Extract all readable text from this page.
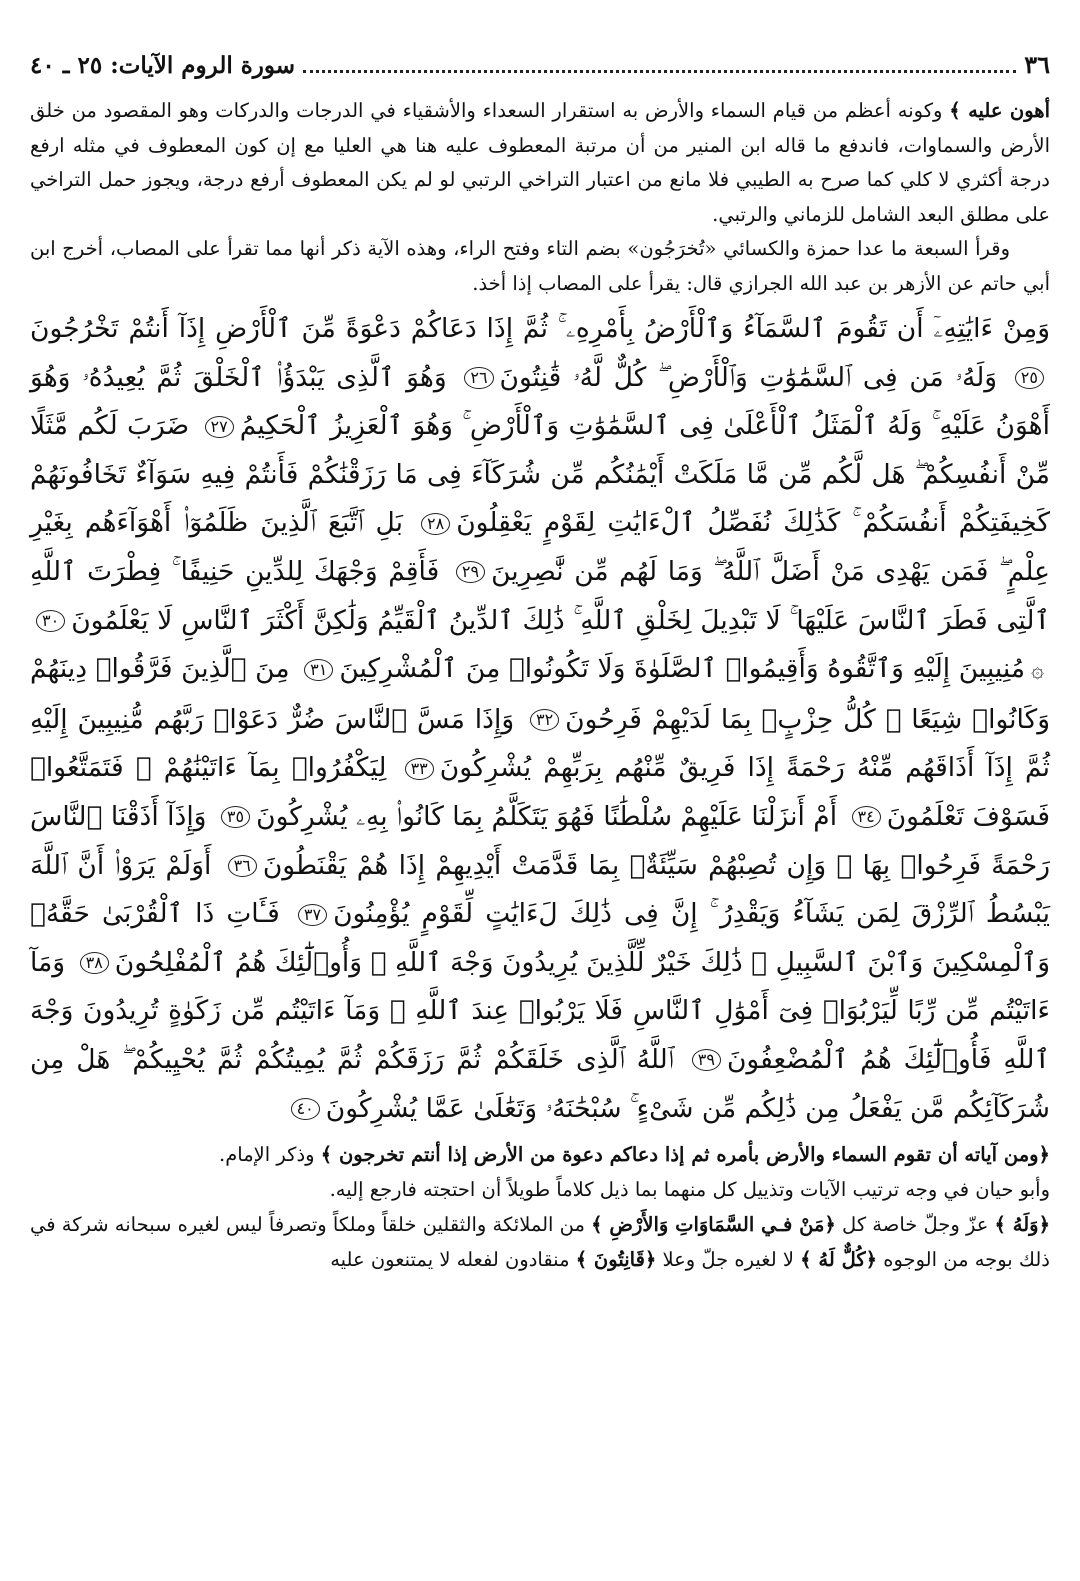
٣٦
سورة الروم الآيات: ٢٥ ـ ٤٠

أهون عليه ﴾ وكونه أعظم من قيام السماء والأرض به استقرار السعداء والأشقياء في الدرجات والدركات وهو المقصود من خلق الأرض والسماوات، فاندفع ما قاله ابن المنير من أن مرتبة المعطوف عليه هنا هي العليا مع إن كون المعطوف في مثله ارفع درجة أكثري لا كلي كما صرح به الطيبي فلا مانع من اعتبار التراخي الرتبي لو لم يكن المعطوف أرفع درجة، ويجوز حمل التراخي على مطلق البعد الشامل للزماني والرتبي.

وقرأ السبعة ما عدا حمزة والكسائي «تُخرَجُون» بضم التاء وفتح الراء، وهذه الآية ذكر أنها مما تقرأ على المصاب، أخرج ابن أبي حاتم عن الأزهر بن عبد الله الجرازي قال: يقرأ على المصاب إذا أخذ.

وَمِنْ ءَايَٰتِهِۦٓ أَن تَقُومَ ٱلسَّمَآءُ وَٱلْأَرْضُ بِأَمْرِهِۦ ۚ ثُمَّ إِذَا دَعَاكُمْ دَعْوَةً مِّنَ ٱلْأَرْضِ إِذَآ أَنتُمْ تَخْرُجُونَ٢٥ وَلَهُۥ مَن فِى ٱلسَّمَٰوَٰتِ وَٱلْأَرْضِ ۖ كُلٌّ لَّهُۥ قَٰنِتُونَ٢٦ وَهُوَ ٱلَّذِى يَبْدَؤُا۟ ٱلْخَلْقَ ثُمَّ يُعِيدُهُۥ وَهُوَ أَهْوَنُ عَلَيْهِ ۚ وَلَهُ ٱلْمَثَلُ ٱلْأَعْلَىٰ فِى ٱلسَّمَٰوَٰتِ وَٱلْأَرْضِ ۚ وَهُوَ ٱلْعَزِيزُ ٱلْحَكِيمُ٢٧ ضَرَبَ لَكُم مَّثَلًا مِّنْ أَنفُسِكُمْ ۖ هَل لَّكُم مِّن مَّا مَلَكَتْ أَيْمَٰنُكُم مِّن شُرَكَآءَ فِى مَا رَزَقْنَٰكُمْ فَأَنتُمْ فِيهِ سَوَآءٌ تَخَافُونَهُمْ كَخِيفَتِكُمْ أَنفُسَكُمْ ۚ كَذَٰلِكَ نُفَصِّلُ ٱلْءَايَٰتِ لِقَوْمٍ يَعْقِلُونَ٢٨ بَلِ ٱتَّبَعَ ٱلَّذِينَ ظَلَمُوٓا۟ أَهْوَآءَهُم بِغَيْرِ عِلْمٍ ۖ فَمَن يَهْدِى مَنْ أَضَلَّ ٱللَّهُ ۖ وَمَا لَهُم مِّن نَّٰصِرِينَ٢٩ فَأَقِمْ وَجْهَكَ لِلدِّينِ حَنِيفًا ۚ فِطْرَتَ ٱللَّهِ ٱلَّتِى فَطَرَ ٱلنَّاسَ عَلَيْهَا ۚ لَا تَبْدِيلَ لِخَلْقِ ٱللَّهِ ۚ ذَٰلِكَ ٱلدِّينُ ٱلْقَيِّمُ وَلَٰكِنَّ أَكْثَرَ ٱلنَّاسِ لَا يَعْلَمُونَ٣٠ ۞مُنِيبِينَ إِلَيْهِ وَٱتَّقُوهُ وَأَقِيمُوا۟ ٱلصَّلَوٰةَ وَلَا تَكُونُوا۟ مِنَ ٱلْمُشْرِكِينَ٣١ مِنَ ٱلَّذِينَ فَرَّقُوا۟ دِينَهُمْ وَكَانُوا۟ شِيَعًا ۖ كُلُّ حِزْبٍۭ بِمَا لَدَيْهِمْ فَرِحُونَ٣٢ وَإِذَا مَسَّ ٱلنَّاسَ ضُرٌّ دَعَوْا۟ رَبَّهُم مُّنِيبِينَ إِلَيْهِ ثُمَّ إِذَآ أَذَاقَهُم مِّنْهُ رَحْمَةً إِذَا فَرِيقٌ مِّنْهُم بِرَبِّهِمْ يُشْرِكُونَ٣٣ لِيَكْفُرُوا۟ بِمَآ ءَاتَيْنَٰهُمْ ۚ فَتَمَتَّعُوا۟ فَسَوْفَ تَعْلَمُونَ٣٤ أَمْ أَنزَلْنَا عَلَيْهِمْ سُلْطَٰنًا فَهُوَ يَتَكَلَّمُ بِمَا كَانُوا۟ بِهِۦ يُشْرِكُونَ٣٥ وَإِذَآ أَذَقْنَا ٱلنَّاسَ رَحْمَةً فَرِحُوا۟ بِهَا ۖ وَإِن تُصِبْهُمْ سَيِّئَةٌۢ بِمَا قَدَّمَتْ أَيْدِيهِمْ إِذَا هُمْ يَقْنَطُونَ٣٦ أَوَلَمْ يَرَوْا۟ أَنَّ ٱللَّهَ يَبْسُطُ ٱلرِّزْقَ لِمَن يَشَآءُ وَيَقْدِرُ ۚ إِنَّ فِى ذَٰلِكَ لَءَايَٰتٍ لِّقَوْمٍ يُؤْمِنُونَ٣٧ فَـَٔاتِ ذَا ٱلْقُرْبَىٰ حَقَّهُۥ وَٱلْمِسْكِينَ وَٱبْنَ ٱلسَّبِيلِ ۚ ذَٰلِكَ خَيْرٌ لِّلَّذِينَ يُرِيدُونَ وَجْهَ ٱللَّهِ ۖ وَأُو۟لَٰٓئِكَ هُمُ ٱلْمُفْلِحُونَ٣٨ وَمَآ ءَاتَيْتُم مِّن رِّبًا لِّيَرْبُوَا۟ فِىٓ أَمْوَٰلِ ٱلنَّاسِ فَلَا يَرْبُوا۟ عِندَ ٱللَّهِ ۖ وَمَآ ءَاتَيْتُم مِّن زَكَوٰةٍ تُرِيدُونَ وَجْهَ ٱللَّهِ فَأُو۟لَٰٓئِكَ هُمُ ٱلْمُضْعِفُونَ٣٩ ٱللَّهُ ٱلَّذِى خَلَقَكُمْ ثُمَّ رَزَقَكُمْ ثُمَّ يُمِيتُكُمْ ثُمَّ يُحْيِيكُمْ ۖ هَلْ مِن شُرَكَآئِكُم مَّن يَفْعَلُ مِن ذَٰلِكُم مِّن شَىْءٍ ۚ سُبْحَٰنَهُۥ وَتَعَٰلَىٰ عَمَّا يُشْرِكُونَ٤٠

﴿ومن آياته أن تقوم السماء والأرض بأمره ثم إذا دعاكم دعوة من الأرض إذا أنتم تخرجون ﴾ وذكر الإمام.

وأبو حيان في وجه ترتيب الآيات وتذييل كل منهما بما ذيل كلاماً طويلاً أن احتجته فارجع إليه.

﴿وَلَهُ ﴾ عزّ وجلّ خاصة كل ﴿مَنْ فـي السَّمَاوَاتِ وَالأَرْضِ ﴾ من الملائكة والثقلين خلقاً وملكاً وتصرفاً ليس لغيره سبحانه شركة في ذلك بوجه من الوجوه ﴿كُلٌّ لَهُ ﴾ لا لغيره جلّ وعلا ﴿قَانِتُونَ ﴾ منقادون لفعله لا يمتنعون عليه
